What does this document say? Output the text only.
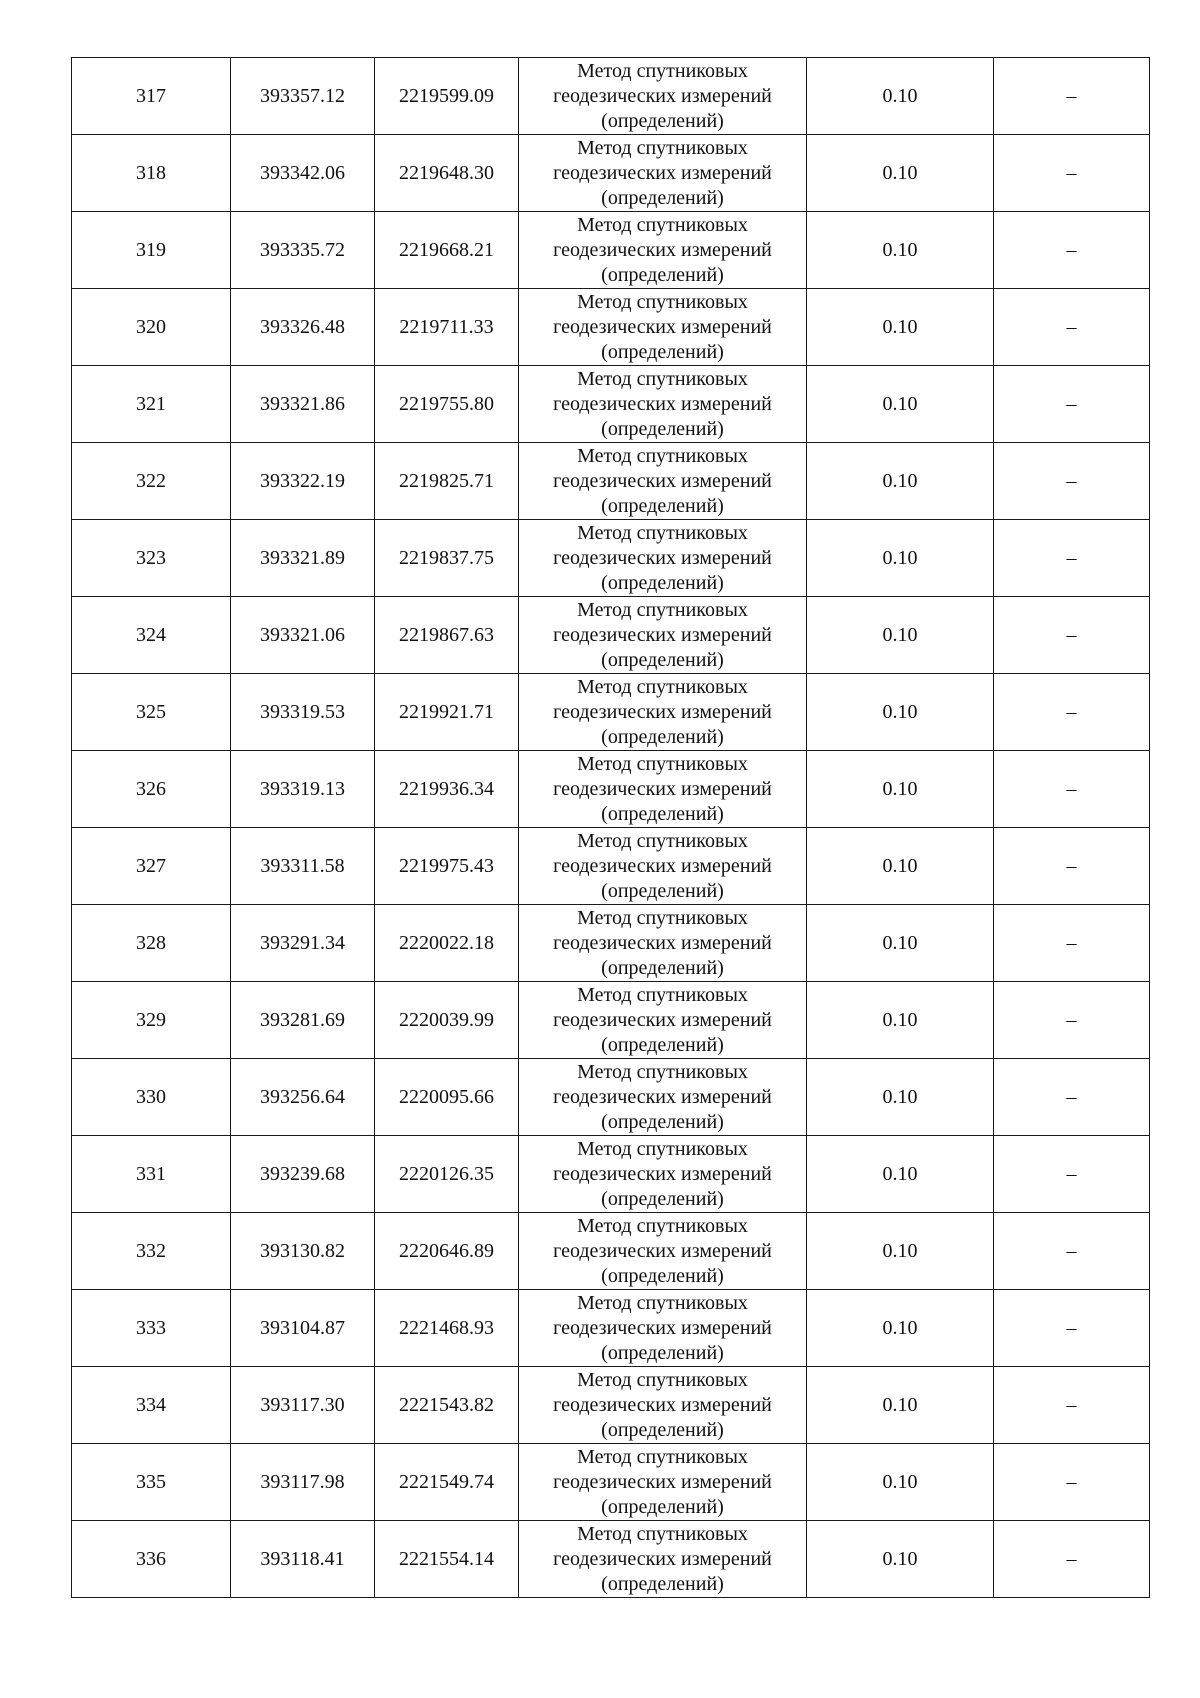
317	393357.12	2219599.09	Метод спутниковых
геодезических измерений
(определений)	0.10	–
318	393342.06	2219648.30	Метод спутниковых
геодезических измерений
(определений)	0.10	–
319	393335.72	2219668.21	Метод спутниковых
геодезических измерений
(определений)	0.10	–
320	393326.48	2219711.33	Метод спутниковых
геодезических измерений
(определений)	0.10	–
321	393321.86	2219755.80	Метод спутниковых
геодезических измерений
(определений)	0.10	–
322	393322.19	2219825.71	Метод спутниковых
геодезических измерений
(определений)	0.10	–
323	393321.89	2219837.75	Метод спутниковых
геодезических измерений
(определений)	0.10	–
324	393321.06	2219867.63	Метод спутниковых
геодезических измерений
(определений)	0.10	–
325	393319.53	2219921.71	Метод спутниковых
геодезических измерений
(определений)	0.10	–
326	393319.13	2219936.34	Метод спутниковых
геодезических измерений
(определений)	0.10	–
327	393311.58	2219975.43	Метод спутниковых
геодезических измерений
(определений)	0.10	–
328	393291.34	2220022.18	Метод спутниковых
геодезических измерений
(определений)	0.10	–
329	393281.69	2220039.99	Метод спутниковых
геодезических измерений
(определений)	0.10	–
330	393256.64	2220095.66	Метод спутниковых
геодезических измерений
(определений)	0.10	–
331	393239.68	2220126.35	Метод спутниковых
геодезических измерений
(определений)	0.10	–
332	393130.82	2220646.89	Метод спутниковых
геодезических измерений
(определений)	0.10	–
333	393104.87	2221468.93	Метод спутниковых
геодезических измерений
(определений)	0.10	–
334	393117.30	2221543.82	Метод спутниковых
геодезических измерений
(определений)	0.10	–
335	393117.98	2221549.74	Метод спутниковых
геодезических измерений
(определений)	0.10	–
336	393118.41	2221554.14	Метод спутниковых
геодезических измерений
(определений)	0.10	–
